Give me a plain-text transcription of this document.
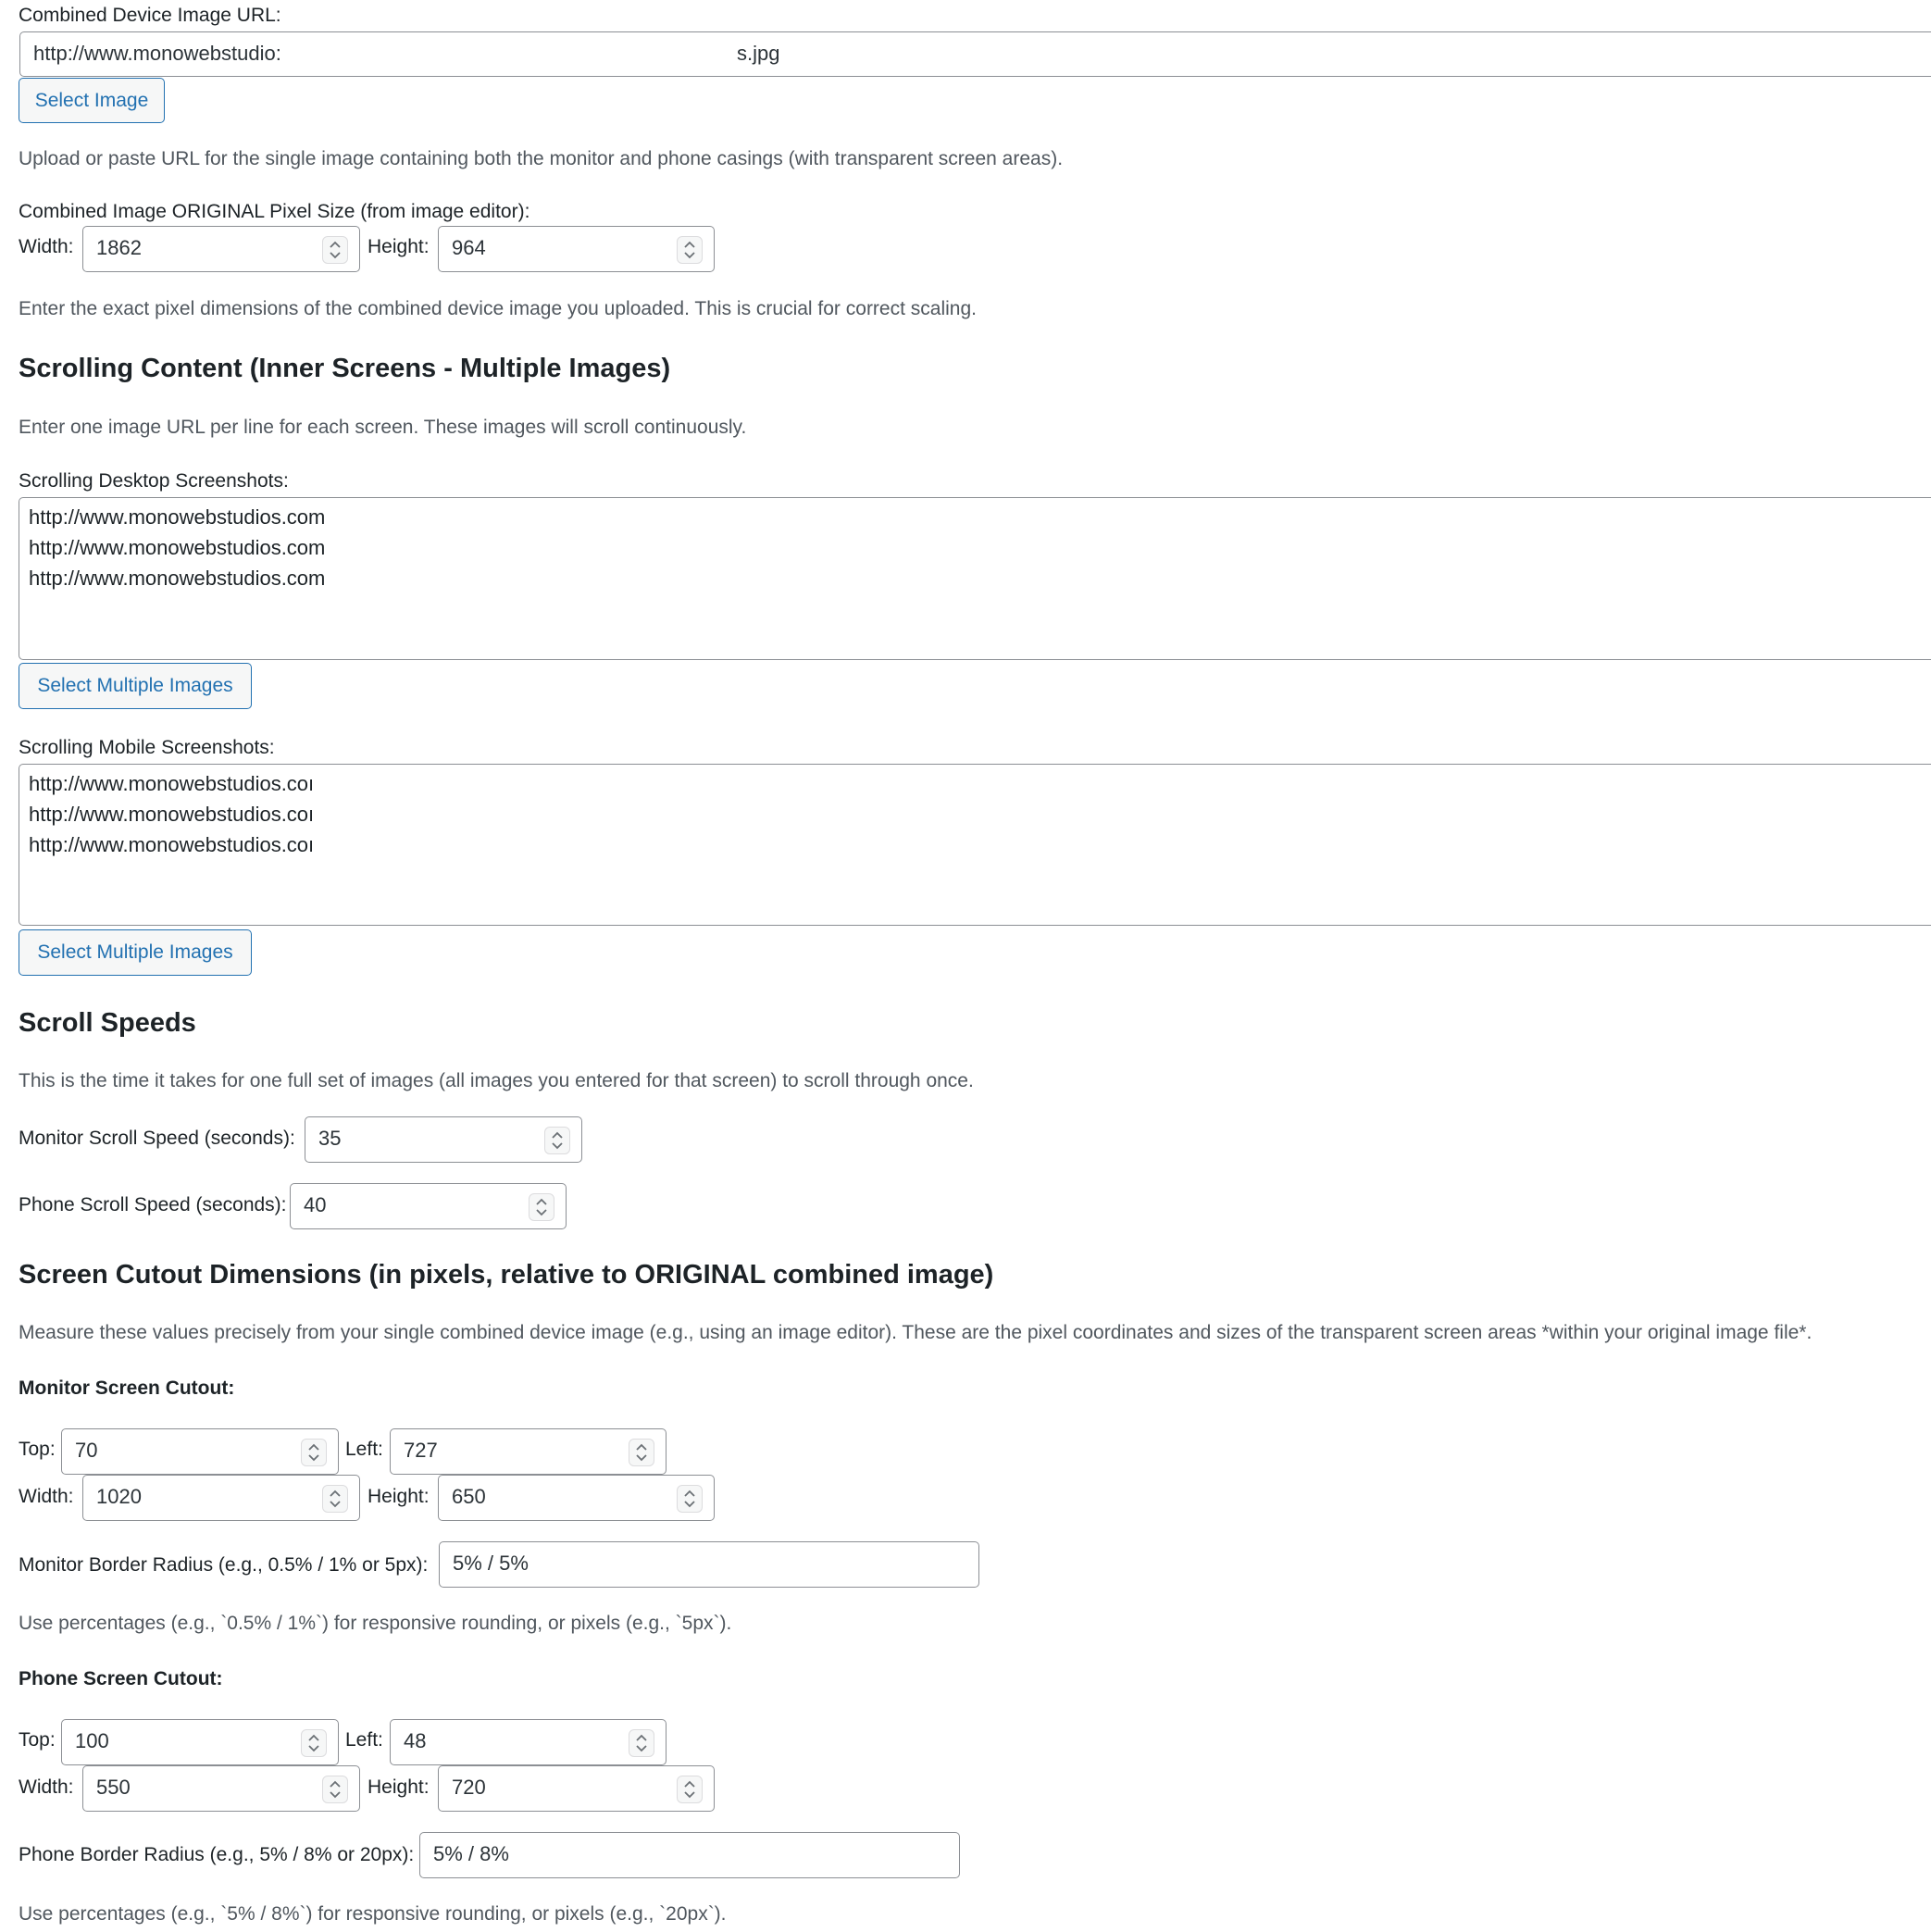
Combined Device Image URL:
http://www.monowebstudio:	s.jpg
Select Image
Upload or paste URL for the single image containing both the monitor and phone casings (with transparent screen areas).
Combined Image ORIGINAL Pixel Size (from image editor):
Width:	1862	Height:	964
Enter the exact pixel dimensions of the combined device image you uploaded. This is crucial for correct scaling.
Scrolling Content (Inner Screens - Multiple Images)
Enter one image URL per line for each screen. These images will scroll continuously.
Scrolling Desktop Screenshots:
http://www.monowebstudios.com
http://www.monowebstudios.com
http://www.monowebstudios.com
Select Multiple Images
Scrolling Mobile Screenshots:
http://www.monowebstudios.coı
http://www.monowebstudios.coı
http://www.monowebstudios.coı
Select Multiple Images
Scroll Speeds
This is the time it takes for one full set of images (all images you entered for that screen) to scroll through once.
Monitor Scroll Speed (seconds):	35
Phone Scroll Speed (seconds): 40
Screen Cutout Dimensions (in pixels, relative to ORIGINAL combined image)
Measure these values precisely from your single combined device image (e.g., using an image editor). These are the pixel coordinates and sizes of the transparent screen areas *within your original image file*.
Monitor Screen Cutout:
Top: 70	Left:	727
Width:	1020	Height:	650
Monitor Border Radius (e.g., 0.5% / 1% or 5px):	5% / 5%
Use percentages (e.g., `0.5% / 1%`) for responsive rounding, or pixels (e.g., `5px`).
Phone Screen Cutout:
Top: 100	Left:	48
Width:	550	Height:	720
Phone Border Radius (e.g., 5% / 8% or 20px): 5% / 8%
Use percentages (e.g., `5% / 8%`) for responsive rounding, or pixels (e.g., `20px`).
